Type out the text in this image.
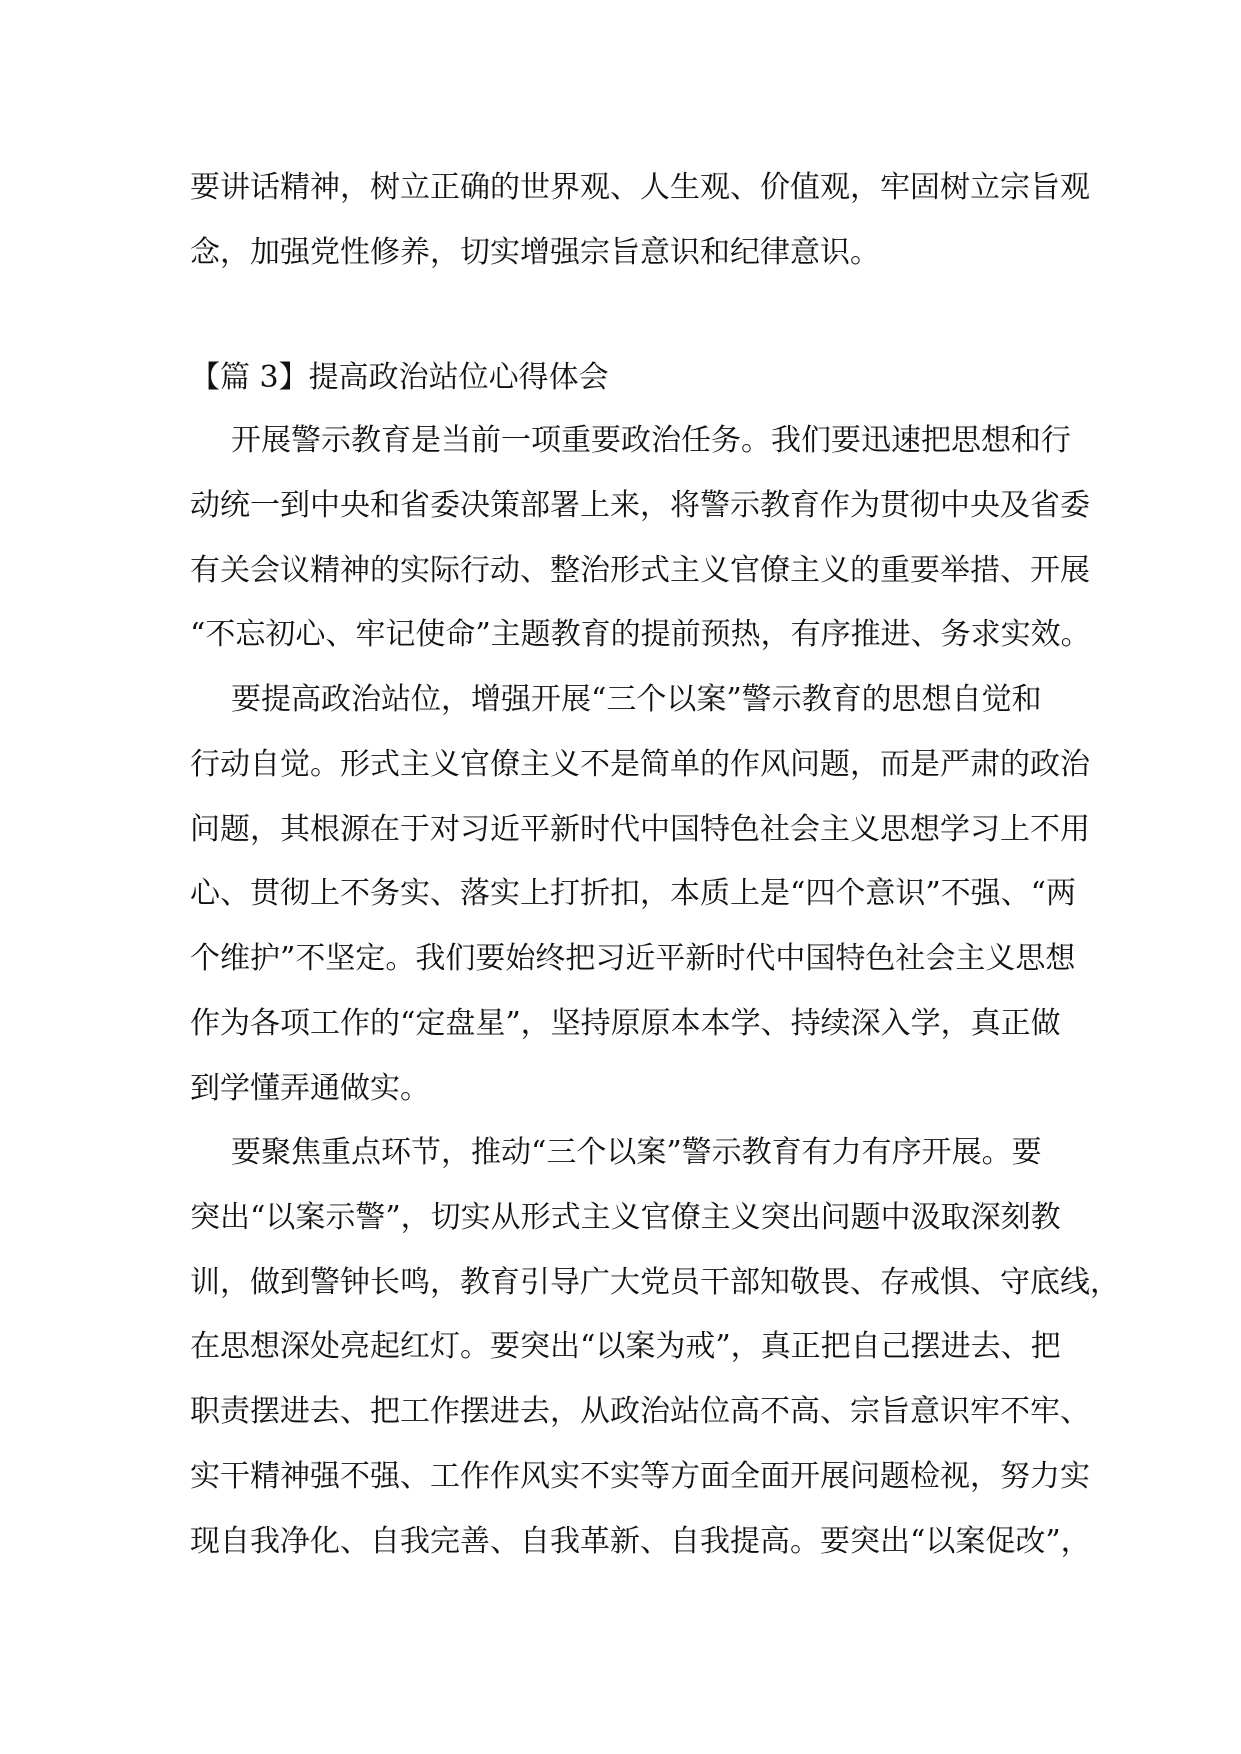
要讲话精神，树立正确的世界观、人生观、价值观，牢固树立宗旨观
念，加强党性修养，切实增强宗旨意识和纪律意识。
【篇 3】提高政治站位心得体会
开展警示教育是当前一项重要政治任务。我们要迅速把思想和行
动统一到中央和省委决策部署上来，将警示教育作为贯彻中央及省委
有关会议精神的实际行动、整治形式主义官僚主义的重要举措、开展
“不忘初心、牢记使命”主题教育的提前预热，有序推进、务求实效。
要提高政治站位，增强开展“三个以案”警示教育的思想自觉和
行动自觉。形式主义官僚主义不是简单的作风问题，而是严肃的政治
问题，其根源在于对习近平新时代中国特色社会主义思想学习上不用
心、贯彻上不务实、落实上打折扣，本质上是“四个意识”不强、“两
个维护”不坚定。我们要始终把习近平新时代中国特色社会主义思想
作为各项工作的“定盘星”，坚持原原本本学、持续深入学，真正做
到学懂弄通做实。
要聚焦重点环节，推动“三个以案”警示教育有力有序开展。要
突出“以案示警”，切实从形式主义官僚主义突出问题中汲取深刻教
训，做到警钟长鸣，教育引导广大党员干部知敬畏、存戒惧、守底线，
在思想深处亮起红灯。要突出“以案为戒”，真正把自己摆进去、把
职责摆进去、把工作摆进去，从政治站位高不高、宗旨意识牢不牢、
实干精神强不强、工作作风实不实等方面全面开展问题检视，努力实
现自我净化、自我完善、自我革新、自我提高。要突出“以案促改”，
